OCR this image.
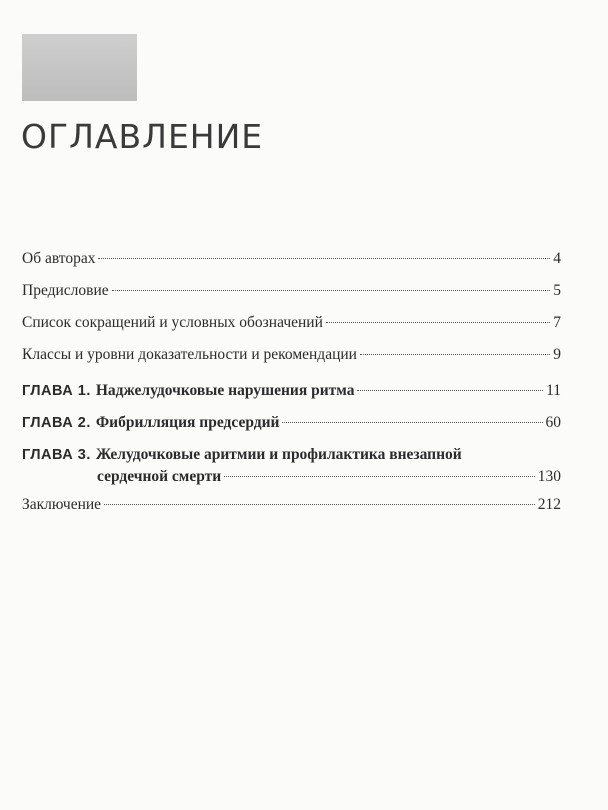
ОГЛАВЛЕНИЕ
Об авторах	4
Предисловие	5
Список сокращений и условных обозначений	7
Классы и уровни доказательности и рекомендации	9
ГЛАВА 1. Наджелудочковые нарушения ритма	11
ГЛАВА 2. Фибрилляция предсердий	60
ГЛАВА 3. Желудочковые аритмии и профилактика внезапной
сердечной смерти	130
Заключение	212
